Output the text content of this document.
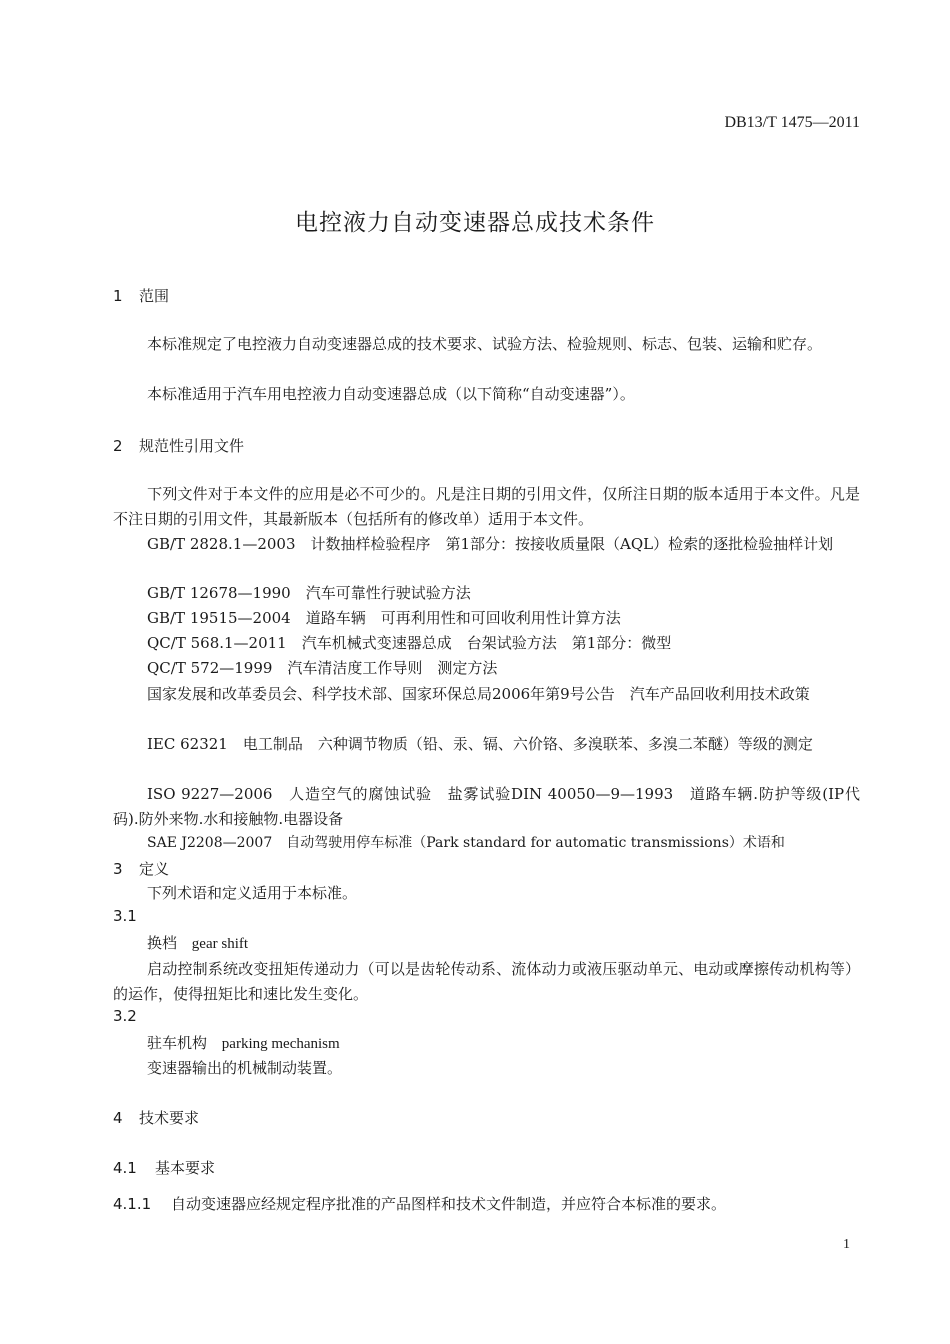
DB13/T 1475—2011
电控液力自动变速器总成技术条件
1 范围
本标准规定了电控液力自动变速器总成的技术要求、试验方法、检验规则、标志、包装、运输和贮存。
本标准适用于汽车用电控液力自动变速器总成（以下简称“自动变速器”）。
2 规范性引用文件
下列文件对于本文件的应用是必不可少的。凡是注日期的引用文件，仅所注日期的版本适用于本文件。凡是不注日期的引用文件，其最新版本（包括所有的修改单）适用于本文件。
GB/T 2828.1—2003　计数抽样检验程序　第1部分：按接收质量限（AQL）检索的逐批检验抽样计划
GB/T 12678—1990　汽车可靠性行驶试验方法
GB/T 19515—2004　道路车辆　可再利用性和可回收利用性计算方法
QC/T 568.1—2011　汽车机械式变速器总成　台架试验方法　第1部分：微型
QC/T 572—1999　汽车清洁度工作导则　测定方法
国家发展和改革委员会、科学技术部、国家环保总局2006年第9号公告　汽车产品回收利用技术政策
IEC 62321　电工制品　六种调节物质（铅、汞、镉、六价铬、多溴联苯、多溴二苯醚）等级的测定
ISO 9227—2006　人造空气的腐蚀试验　盐雾试验DIN 40050—9—1993　道路车辆.防护等级(IP代码).防外来物.水和接触物.电器设备
SAE J2208—2007　自动驾驶用停车标准（Park standard for automatic transmissions）术语和
3 定义
下列术语和定义适用于本标准。
3.1
换档 gear shift
启动控制系统改变扭矩传递动力（可以是齿轮传动系、流体动力或液压驱动单元、电动或摩擦传动机构等）的运作，使得扭矩比和速比发生变化。
3.2
驻车机构 parking mechanism
变速器输出的机械制动装置。
4 技术要求
4.1 基本要求
4.1.1 自动变速器应经规定程序批准的产品图样和技术文件制造，并应符合本标准的要求。
1
